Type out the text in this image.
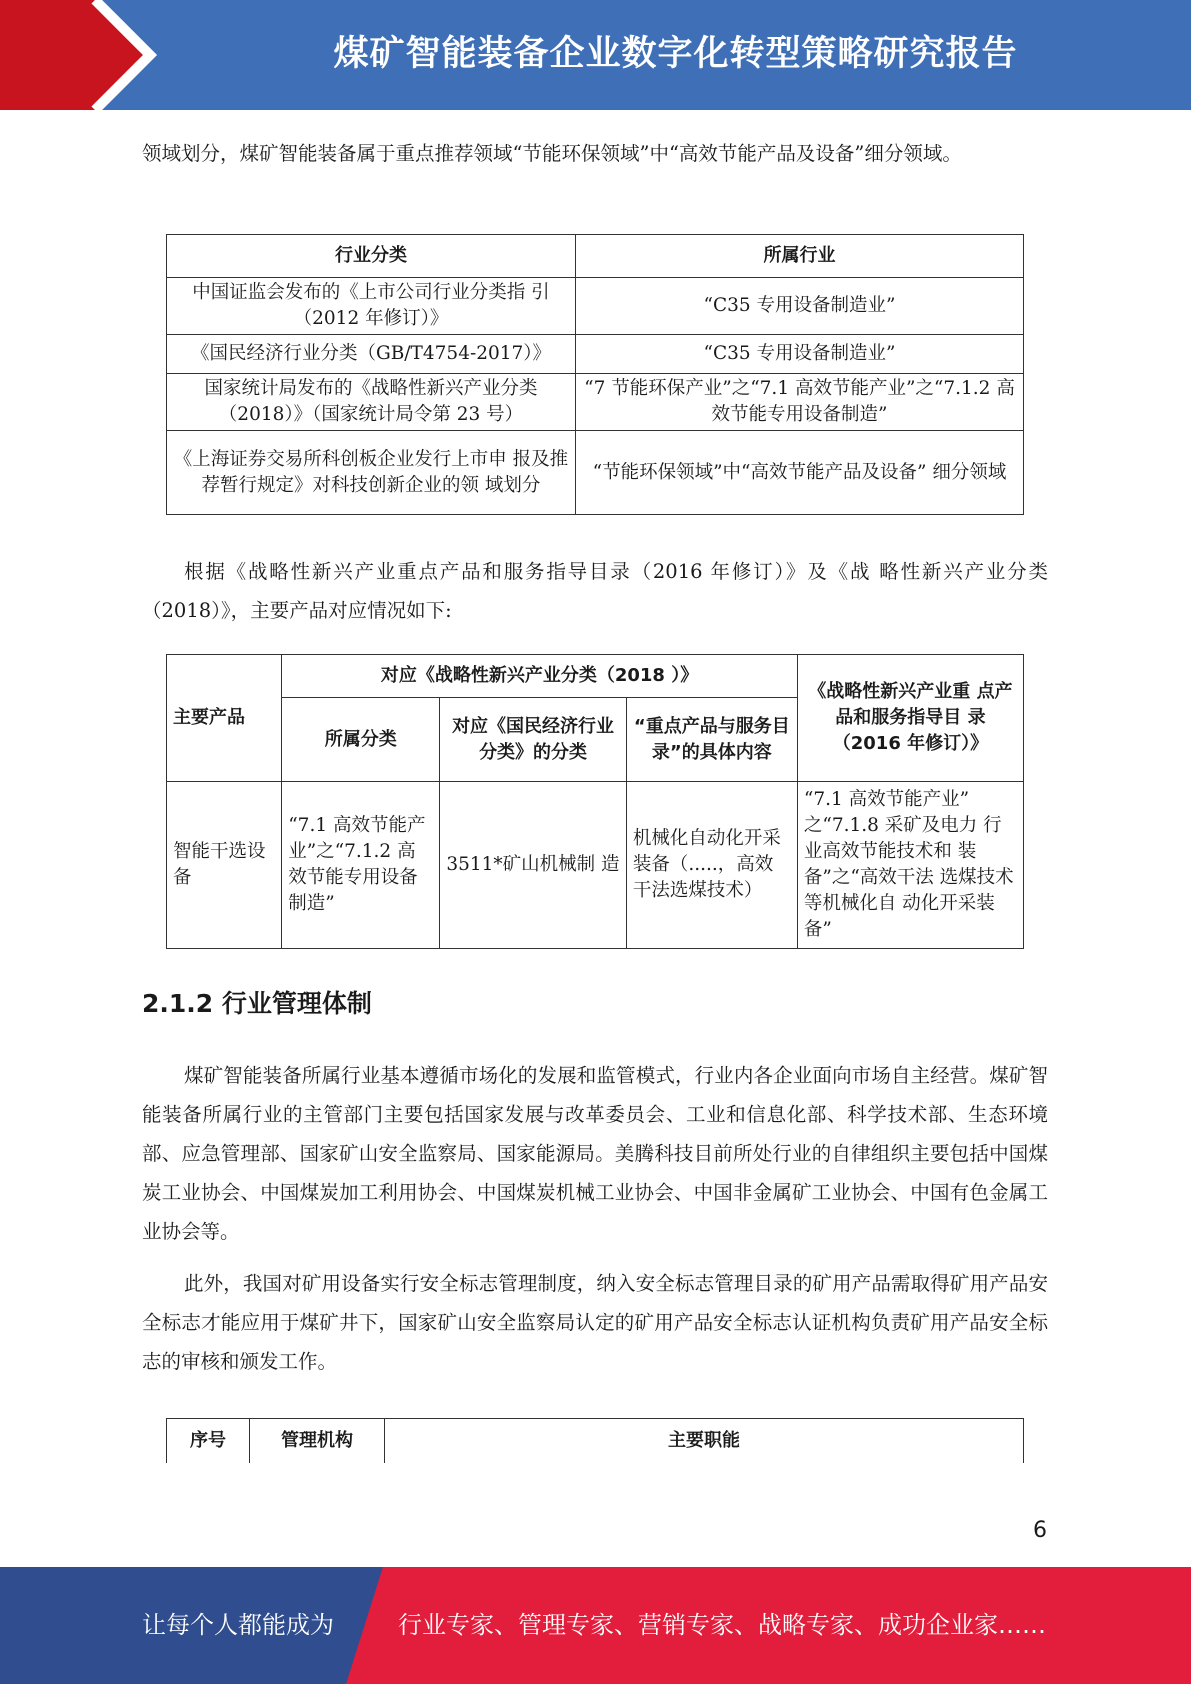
煤矿智能装备企业数字化转型策略研究报告

领域划分，煤矿智能装备属于重点推荐领域“节能环保领域”中“高效节能产品及设备”细分领域。

行业分类	所属行业
中国证监会发布的《上市公司行业分类指 引（2012 年修订）》	“C35 专用设备制造业”
《国民经济行业分类（GB/T4754-2017）》	“C35 专用设备制造业”
国家统计局发布的《战略性新兴产业分类（2018）》（国家统计局令第 23 号）	“7 节能环保产业”之“7.1 高效节能产业”之“7.1.2 高效节能专用设备制造”
《上海证券交易所科创板企业发行上市申 报及推荐暂行规定》对科技创新企业的领 域划分	“节能环保领域”中“高效节能产品及设备” 细分领域

根据《战略性新兴产业重点产品和服务指导目录（2016 年修订）》及《战 略性新兴产业分类（2018）》，主要产品对应情况如下:

主要产品	对应《战略性新兴产业分类（2018 ）》			《战略性新兴产业重 点产品和服务指导目 录（2016 年修订）》
	所属分类	对应《国民经济行业分类》的分类	“重点产品与服务目录”的具体内容	
智能干选设备	“7.1 高效节能产业”之“7.1.2 高效节能专用设备制造”	3511*矿山机械制 造	机械化自动化开采装备（.....，高效干法选煤技术）	“7.1 高效节能产业” 之“7.1.8 采矿及电力 行业高效节能技术和 装备”之“高效干法 选煤技术等机械化自 动化开采装备”
2.1.2 行业管理体制

煤矿智能装备所属行业基本遵循市场化的发展和监管模式，行业内各企业面向市场自主经营。煤矿智能装备所属行业的主管部门主要包括国家发展与改革委员会、工业和信息化部、科学技术部、生态环境部、应急管理部、国家矿山安全监察局、国家能源局。美腾科技目前所处行业的自律组织主要包括中国煤炭工业协会、中国煤炭加工利用协会、中国煤炭机械工业协会、中国非金属矿工业协会、中国有色金属工业协会等。

此外，我国对矿用设备实行安全标志管理制度，纳入安全标志管理目录的矿用产品需取得矿用产品安全标志才能应用于煤矿井下，国家矿山安全监察局认定的矿用产品安全标志认证机构负责矿用产品安全标志的审核和颁发工作。

序号	管理机构	主要职能
6
让每个人都能成为	行业专家、管理专家、营销专家、战略专家、成功企业家……
